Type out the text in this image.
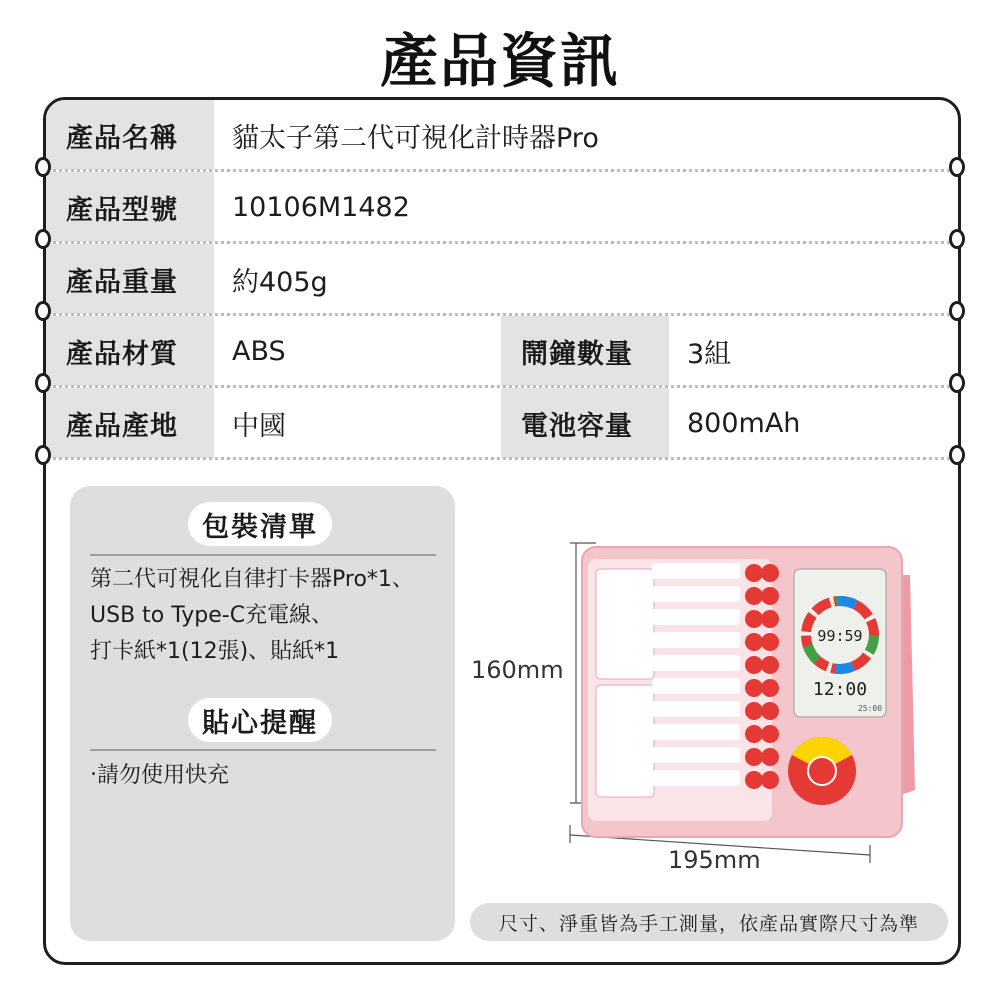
產品資訊
產品名稱	貓太子第二代可視化計時器Pro
產品型號	10106M1482
產品重量	約405g
產品材質	ABS	鬧鐘數量	3組
產品產地	中國	電池容量	800mAh
包裝清單
第二代可視化自律打卡器Pro*1、
USB to Type-C充電線、
打卡紙*1(12張)、貼紙*1
貼心提醒
‧請勿使用快充
99:59
12:00
25:00
160mm
195mm
尺寸、淨重皆為手工測量，依產品實際尺寸為準
